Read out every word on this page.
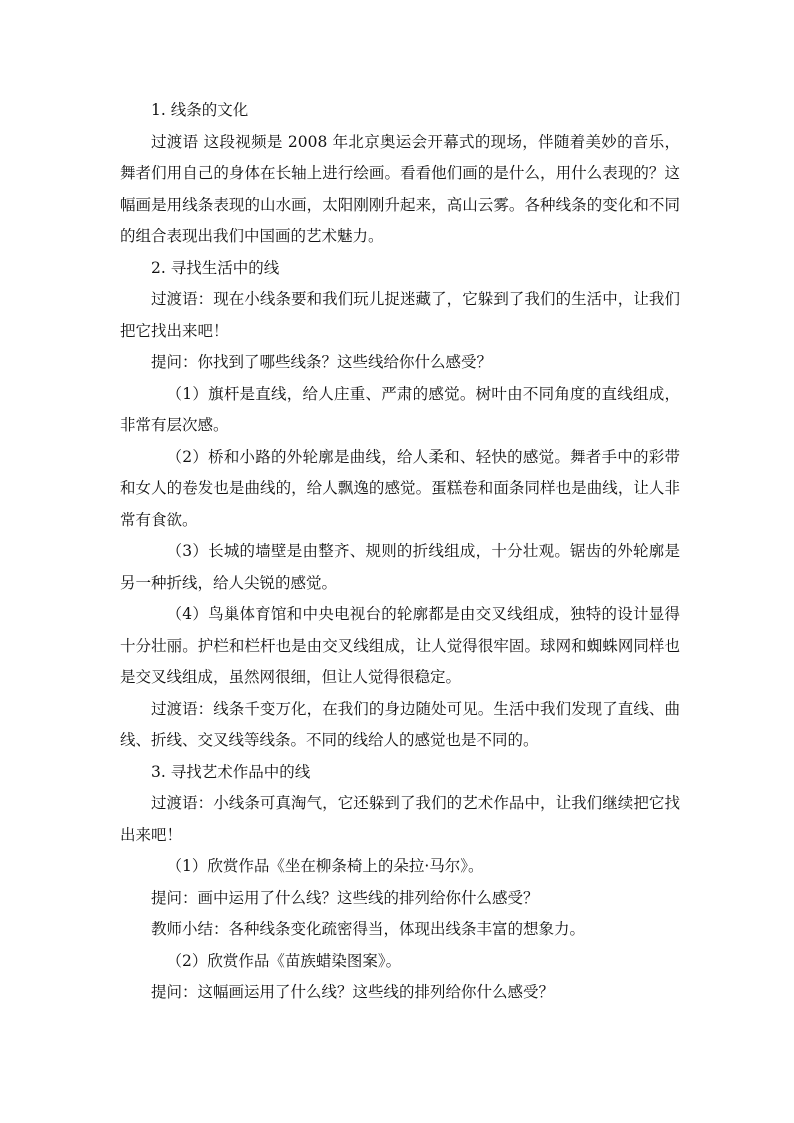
1. 线条的文化

过渡语 这段视频是 2008 年北京奥运会开幕式的现场，伴随着美妙的音乐，舞者们用自己的身体在长轴上进行绘画。看看他们画的是什么，用什么表现的？这幅画是用线条表现的山水画，太阳刚刚升起来，高山云雾。各种线条的变化和不同的组合表现出我们中国画的艺术魅力。

2. 寻找生活中的线

过渡语：现在小线条要和我们玩儿捉迷藏了，它躲到了我们的生活中，让我们把它找出来吧！

提问：你找到了哪些线条？这些线给你什么感受？

（1）旗杆是直线，给人庄重、严肃的感觉。树叶由不同角度的直线组成，非常有层次感。

（2）桥和小路的外轮廓是曲线，给人柔和、轻快的感觉。舞者手中的彩带和女人的卷发也是曲线的，给人飘逸的感觉。蛋糕卷和面条同样也是曲线，让人非常有食欲。

（3）长城的墙壁是由整齐、规则的折线组成，十分壮观。锯齿的外轮廓是另一种折线，给人尖锐的感觉。

（4）鸟巢体育馆和中央电视台的轮廓都是由交叉线组成，独特的设计显得十分壮丽。护栏和栏杆也是由交叉线组成，让人觉得很牢固。球网和蜘蛛网同样也是交叉线组成，虽然网很细，但让人觉得很稳定。

过渡语：线条千变万化，在我们的身边随处可见。生活中我们发现了直线、曲线、折线、交叉线等线条。不同的线给人的感觉也是不同的。

3. 寻找艺术作品中的线

过渡语：小线条可真淘气，它还躲到了我们的艺术作品中，让我们继续把它找出来吧！

（1）欣赏作品《坐在柳条椅上的朵拉·马尔》。

提问：画中运用了什么线？这些线的排列给你什么感受？

教师小结：各种线条变化疏密得当，体现出线条丰富的想象力。

（2）欣赏作品《苗族蜡染图案》。

提问：这幅画运用了什么线？这些线的排列给你什么感受？
